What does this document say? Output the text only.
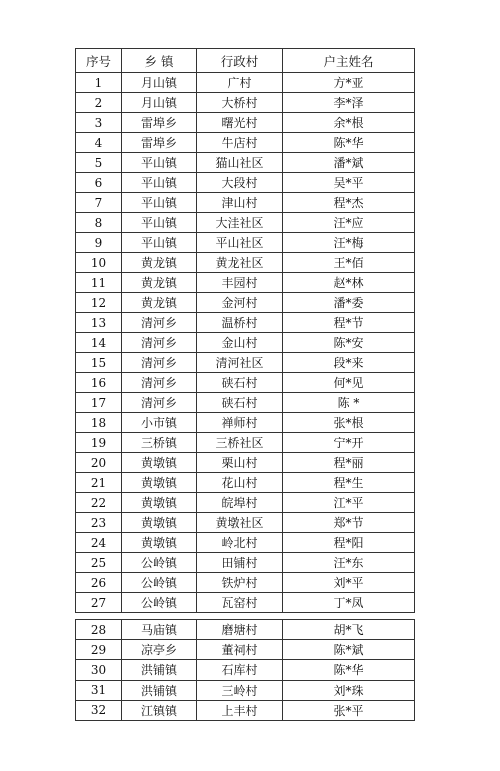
序号	乡 镇	行政村	户主姓名
1	月山镇	广村	方*亚
2	月山镇	大桥村	李*泽
3	雷埠乡	曙光村	余*根
4	雷埠乡	牛店村	陈*华
5	平山镇	猫山社区	潘*斌
6	平山镇	大段村	吴*平
7	平山镇	津山村	程*杰
8	平山镇	大洼社区	汪*应
9	平山镇	平山社区	汪*梅
10	黄龙镇	黄龙社区	王*佰
11	黄龙镇	丰园村	赵*林
12	黄龙镇	金河村	潘*委
13	清河乡	温桥村	程*节
14	清河乡	金山村	陈*安
15	清河乡	清河社区	段*来
16	清河乡	硖石村	何*见
17	清河乡	硖石村	陈 *
18	小市镇	禅师村	张*根
19	三桥镇	三桥社区	宁*开
20	黄墩镇	栗山村	程*丽
21	黄墩镇	花山村	程*生
22	黄墩镇	皖埠村	江*平
23	黄墩镇	黄墩社区	郑*节
24	黄墩镇	岭北村	程*阳
25	公岭镇	田铺村	汪*东
26	公岭镇	铁炉村	刘*平
27	公岭镇	瓦窑村	丁*凤
28	马庙镇	磨塘村	胡*飞
29	凉亭乡	董祠村	陈*斌
30	洪铺镇	石库村	陈*华
31	洪铺镇	三岭村	刘*珠
32	江镇镇	上丰村	张*平
